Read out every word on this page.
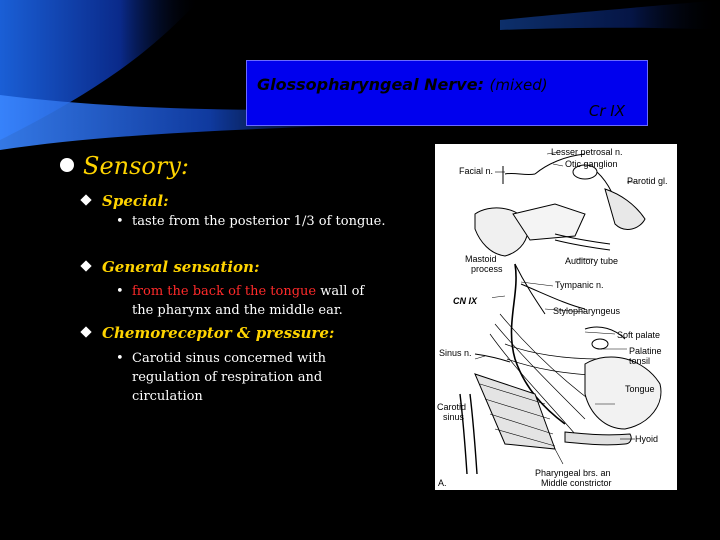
Glossopharyngeal Nerve: (mixed)
Cr IX
Sensory:
Special:
• taste from the posterior 1/3 of tongue.
General sensation:
• from the back of the tongue wall of the pharynx and the middle ear.
Chemoreceptor & pressure:
• Carotid sinus concerned with regulation of respiration and circulation
Lesser petrosal n.
Otic ganglion
Facial n.
Parotid gl.
Mastoid
process
Auditory tube
Tympanic n.
CN IX
Stylopharyngeus
Soft palate
Palatine
tonsil
Sinus n.
Tongue
Carotid
sinus
Hyoid
Pharyngeal brs. an
Middle constrictor
A.
